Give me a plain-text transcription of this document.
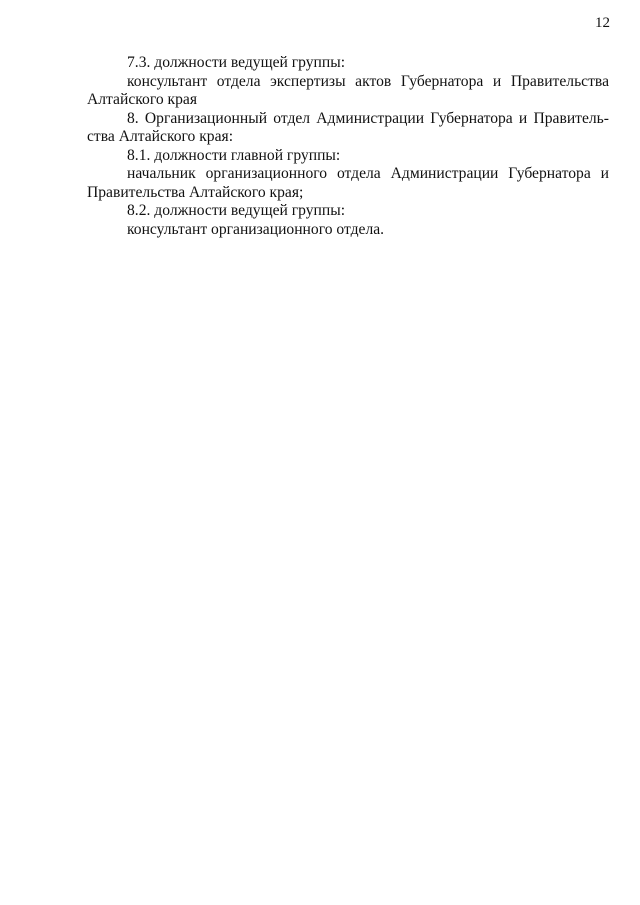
12
7.3. должности ведущей группы:
консультант отдела экспертизы актов Губернатора и Правительства
Алтайского края
8. Организационный отдел Администрации Губернатора и Правитель-
ства Алтайского края:
8.1. должности главной группы:
начальник организационного отдела Администрации Губернатора и
Правительства Алтайского края;
8.2. должности ведущей группы:
консультант организационного отдела.
